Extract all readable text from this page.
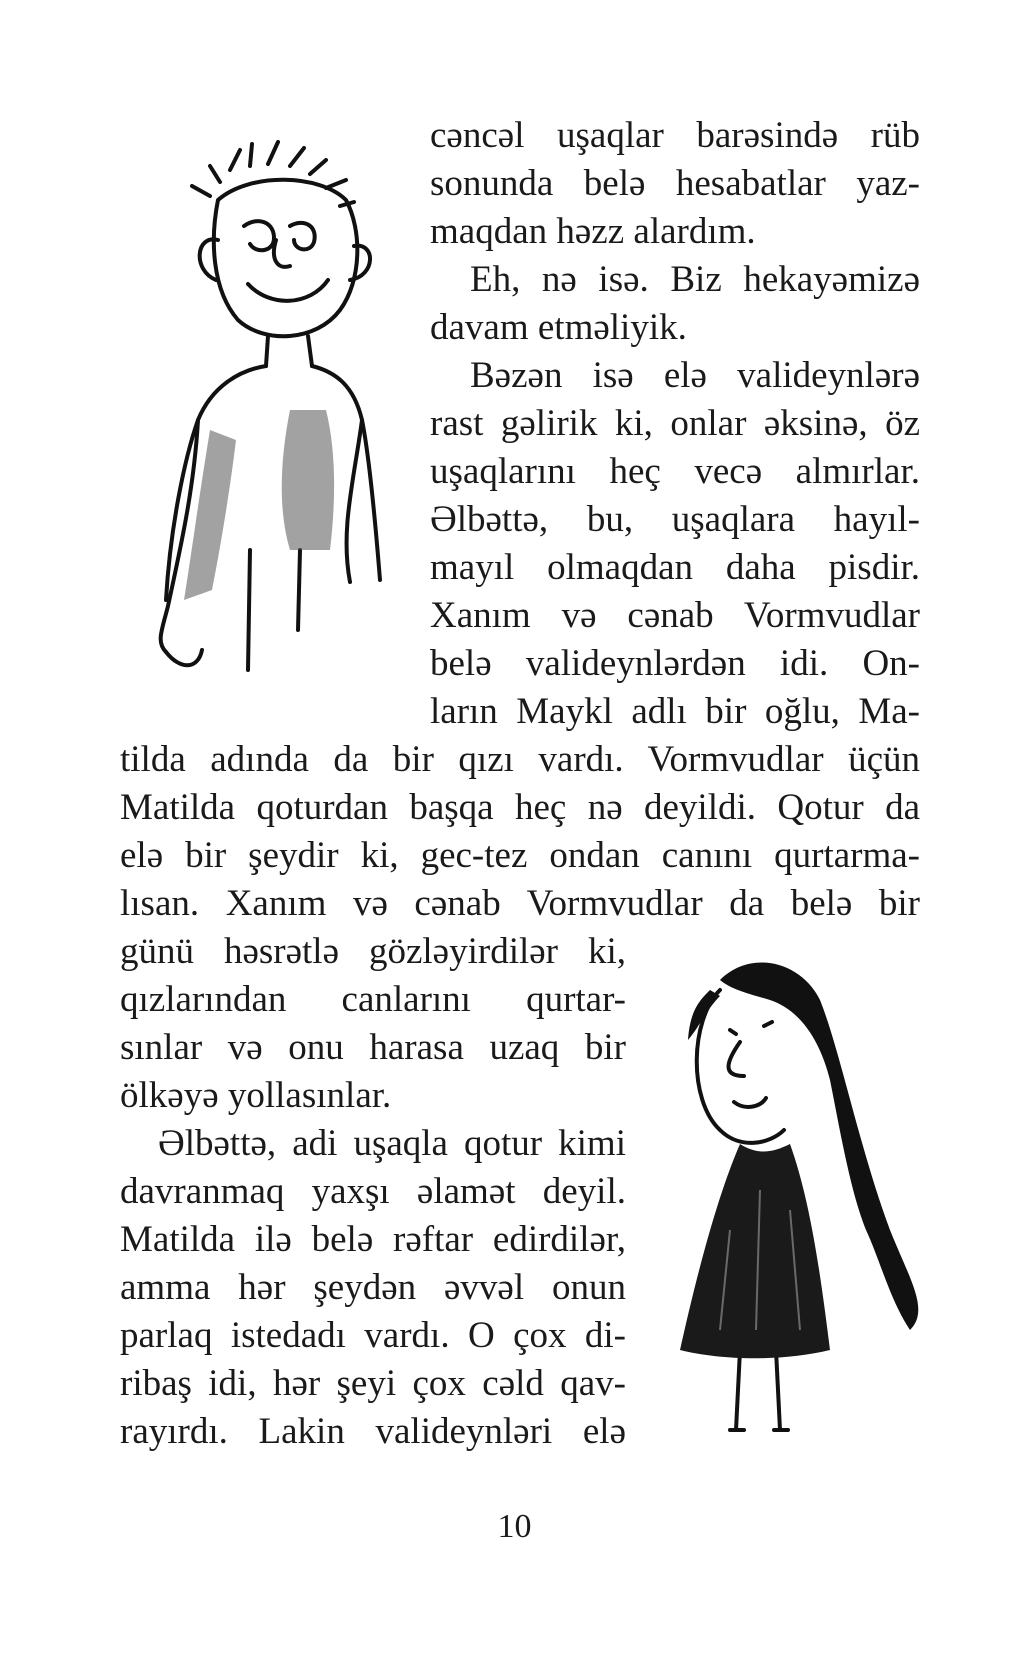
cəncəl uşaqlar barəsində rüb
sonunda belə hesabatlar yaz-
maqdan həzz alardım.
Eh, nə isə. Biz hekayəmizə
davam etməliyik.
Bəzən isə elə valideynlərə
rast gəlirik ki, onlar əksinə, öz
uşaqlarını heç vecə almırlar.
Əlbəttə, bu, uşaqlara hayıl-
mayıl olmaqdan daha pisdir.
Xanım və cənab Vormvudlar
belə valideynlərdən idi. On-
ların Maykl adlı bir oğlu, Ma-
tilda adında da bir qızı vardı. Vormvudlar üçün
Matilda qoturdan başqa heç nə deyildi. Qotur da
elə bir şeydir ki, gec-tez ondan canını qurtarma-
lısan. Xanım və cənab Vormvudlar da belə bir
günü həsrətlə gözləyirdilər ki,
qızlarından canlarını qurtar-
sınlar və onu harasa uzaq bir
ölkəyə yollasınlar.
Əlbəttə, adi uşaqla qotur kimi
davranmaq yaxşı əlamət deyil.
Matilda ilə belə rəftar edirdilər,
amma hər şeydən əvvəl onun
parlaq istedadı vardı. O çox di-
ribaş idi, hər şeyi çox cəld qav-
rayırdı. Lakin valideynləri elə
10
